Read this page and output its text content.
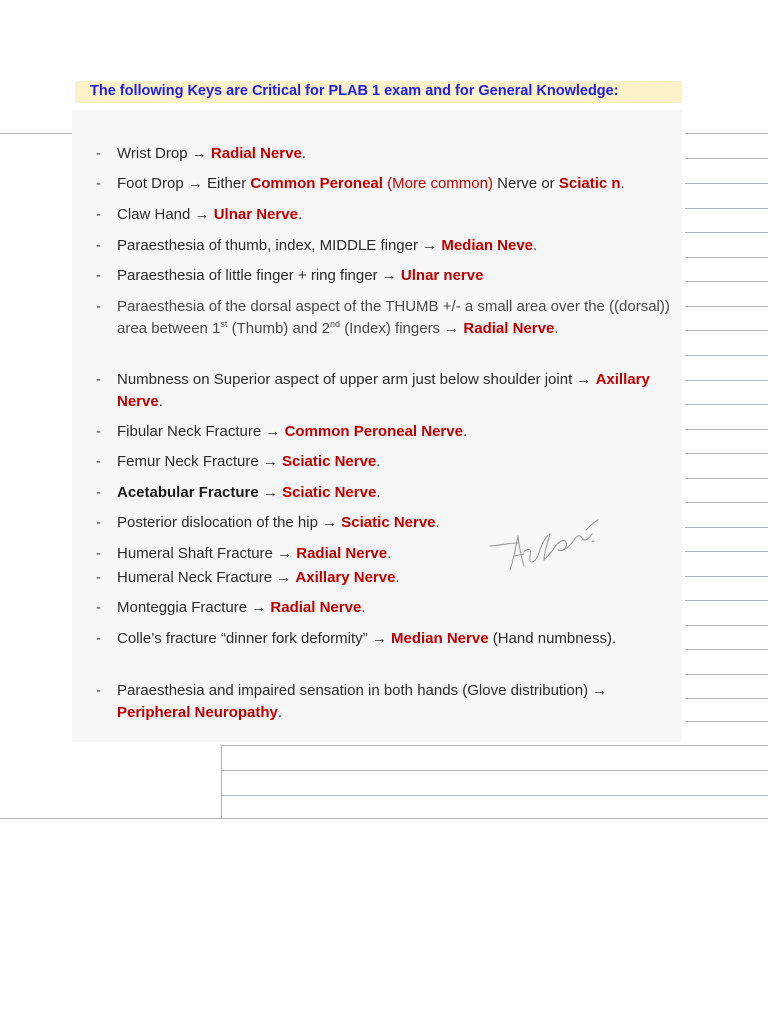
The following Keys are Critical for PLAB 1 exam and for General Knowledge:
- Wrist Drop → Radial Nerve.
- Foot Drop → Either Common Peroneal (More common) Nerve or Sciatic n.
- Claw Hand → Ulnar Nerve.
- Paraesthesia of thumb, index, MIDDLE finger → Median Neve.
- Paraesthesia of little finger + ring finger → Ulnar nerve
- Paraesthesia of the dorsal aspect of the THUMB +/- a small area over the ((dorsal)) area between 1st (Thumb) and 2nd (Index) fingers → Radial Nerve.
- Numbness on Superior aspect of upper arm just below shoulder joint → Axillary Nerve.
- Fibular Neck Fracture → Common Peroneal Nerve.
- Femur Neck Fracture → Sciatic Nerve.
- Acetabular Fracture → Sciatic Nerve.
- Posterior dislocation of the hip → Sciatic Nerve.
- Humeral Shaft Fracture → Radial Nerve.
- Humeral Neck Fracture → Axillary Nerve.
- Monteggia Fracture → Radial Nerve.
- Colle’s fracture “dinner fork deformity” → Median Nerve (Hand numbness).
- Paraesthesia and impaired sensation in both hands (Glove distribution) → Peripheral Neuropathy.
